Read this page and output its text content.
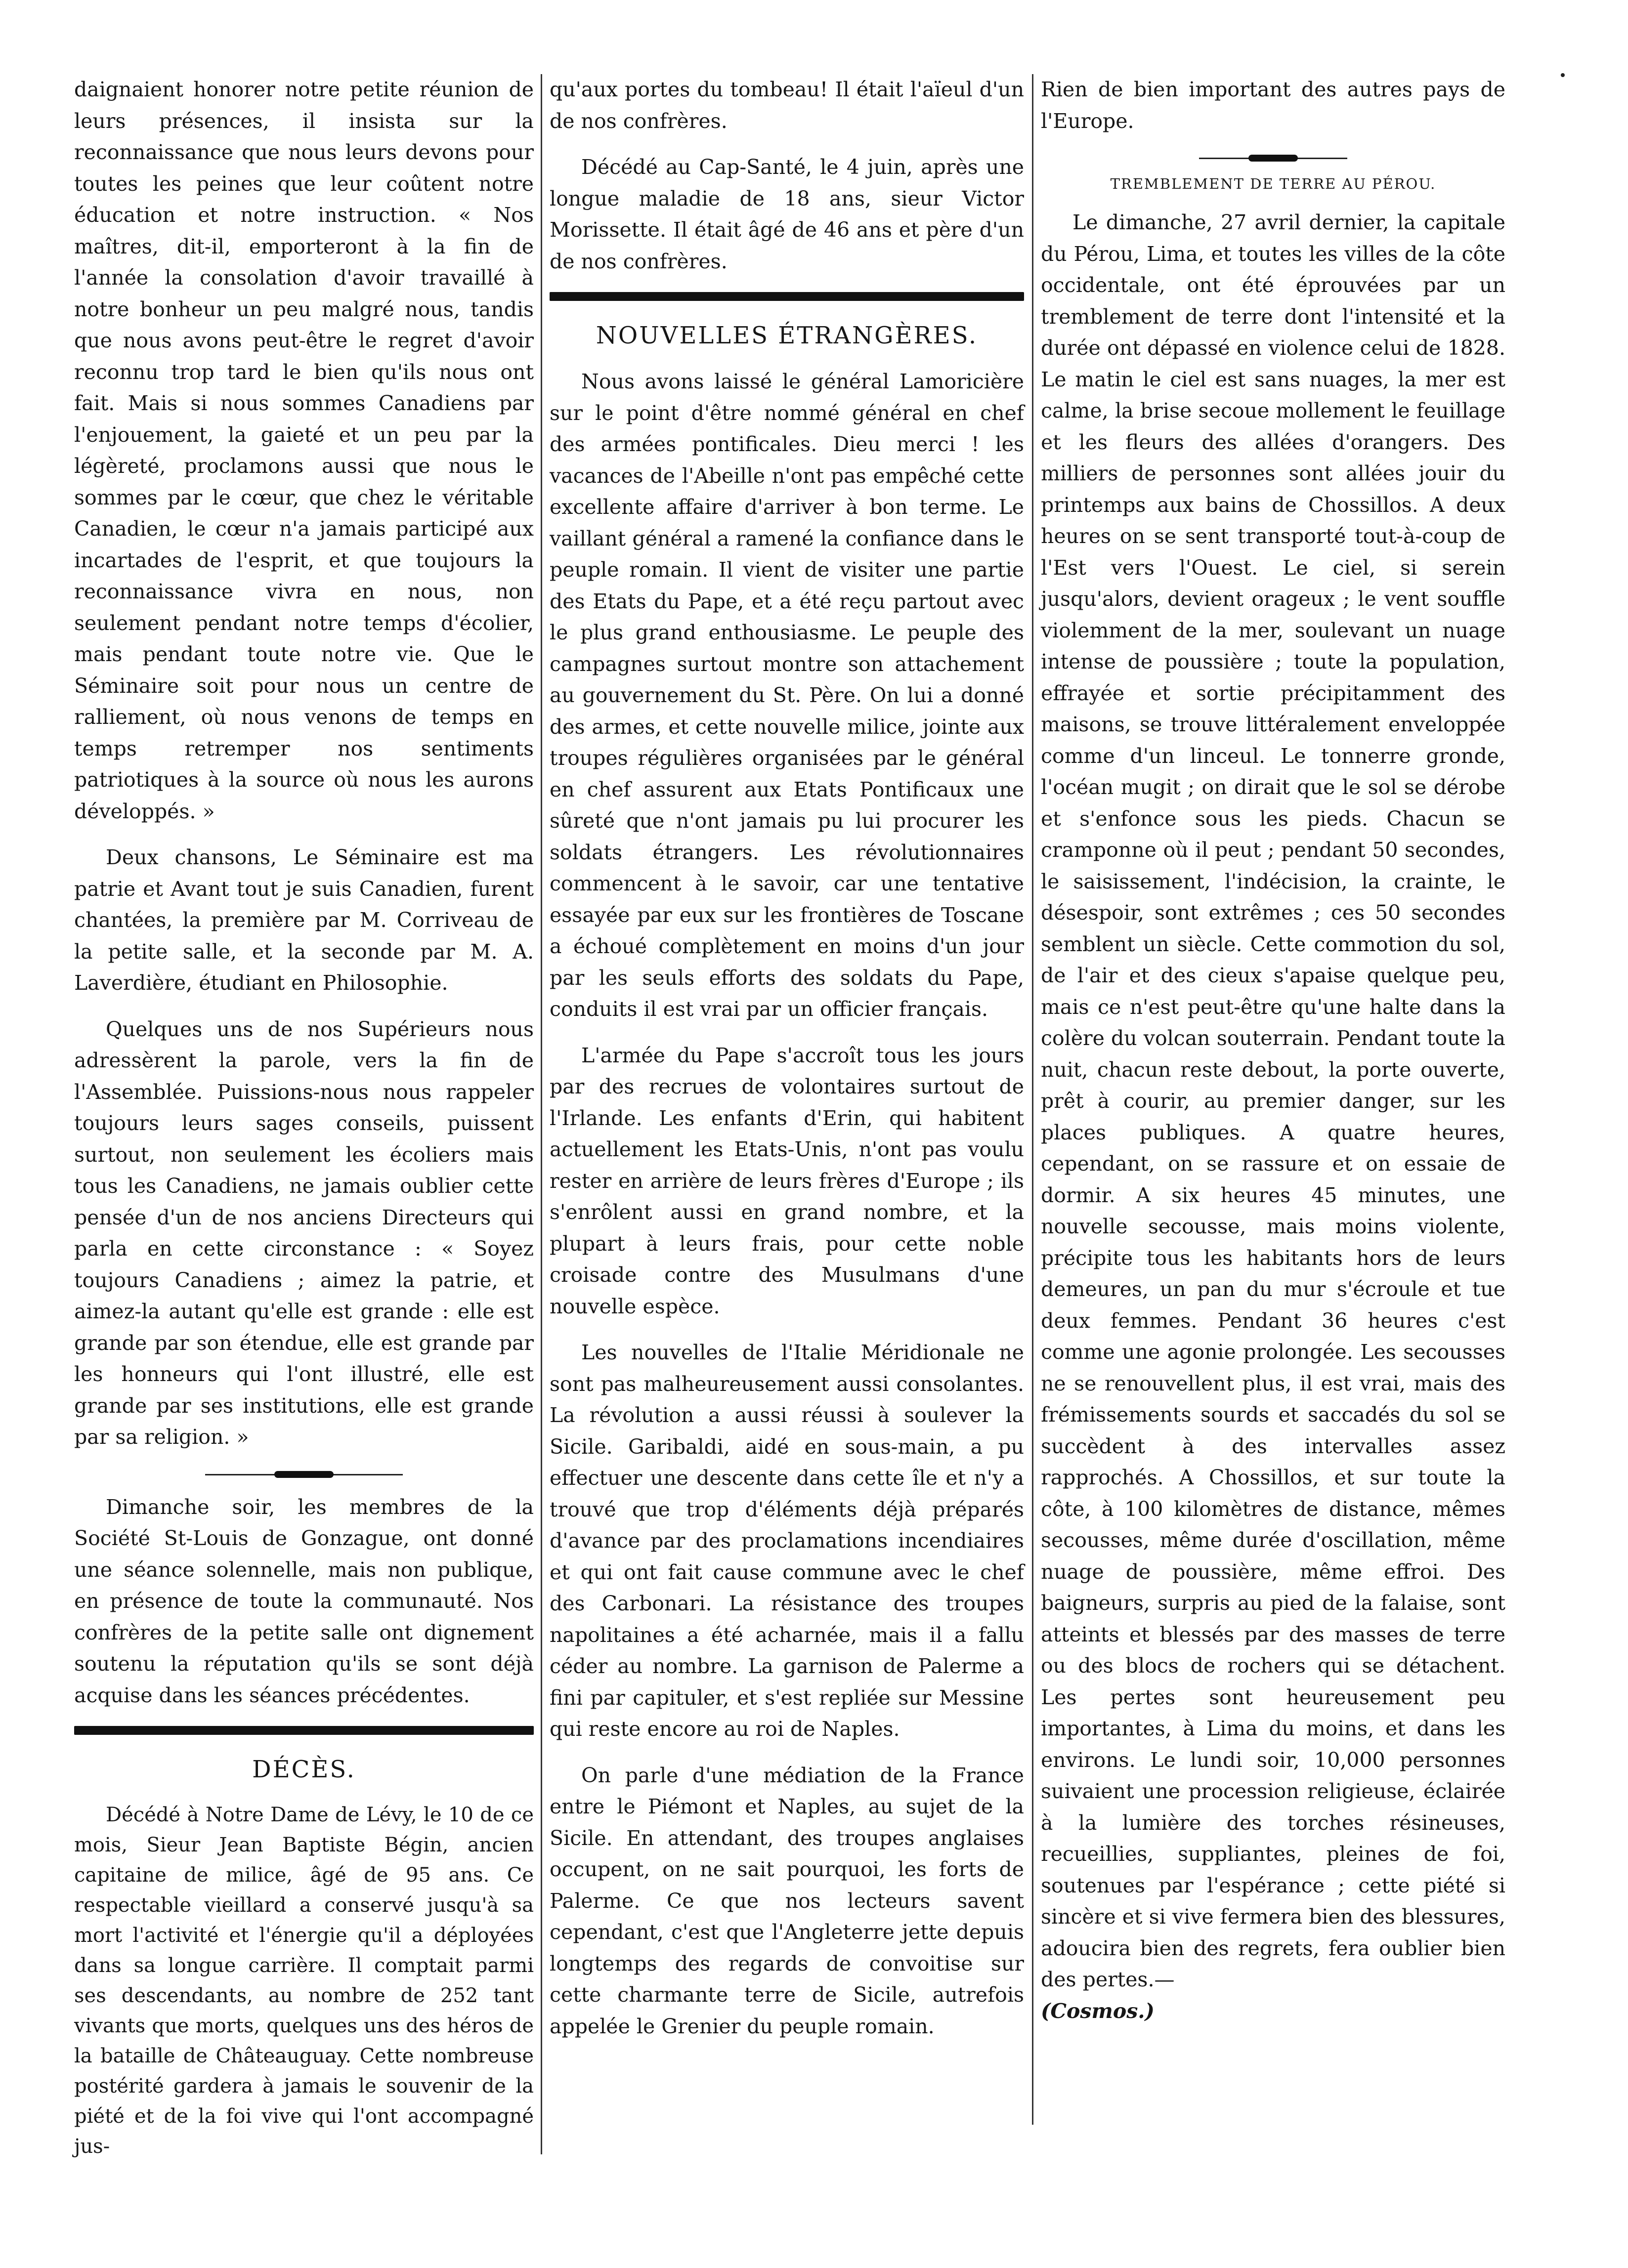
daignaient honorer notre petite réunion de leurs présences, il insista sur la reconnaissance que nous leurs devons pour toutes les peines que leur coûtent notre éducation et notre instruction. « Nos maîtres, dit-il, emporteront à la fin de l'année la consolation d'avoir travaillé à notre bonheur un peu malgré nous, tandis que nous avons peut-être le regret d'avoir reconnu trop tard le bien qu'ils nous ont fait. Mais si nous sommes Canadiens par l'enjouement, la gaieté et un peu par la légèreté, proclamons aussi que nous le sommes par le cœur, que chez le véritable Canadien, le cœur n'a jamais participé aux incartades de l'esprit, et que toujours la reconnaissance vivra en nous, non seulement pendant notre temps d'écolier, mais pendant toute notre vie. Que le Séminaire soit pour nous un centre de ralliement, où nous venons de temps en temps retremper nos sentiments patriotiques à la source où nous les aurons développés. »

Deux chansons, Le Séminaire est ma patrie et Avant tout je suis Canadien, furent chantées, la première par M. Corriveau de la petite salle, et la seconde par M. A. Laverdière, étudiant en Philosophie.

Quelques uns de nos Supérieurs nous adressèrent la parole, vers la fin de l'Assemblée. Puissions-nous nous rappeler toujours leurs sages conseils, puissent surtout, non seulement les écoliers mais tous les Canadiens, ne jamais oublier cette pensée d'un de nos anciens Directeurs qui parla en cette circonstance : « Soyez toujours Canadiens ; aimez la patrie, et aimez-la autant qu'elle est grande : elle est grande par son étendue, elle est grande par les honneurs qui l'ont illustré, elle est grande par ses institutions, elle est grande par sa religion. »

Dimanche soir, les membres de la Société St-Louis de Gonzague, ont donné une séance solennelle, mais non publique, en présence de toute la communauté. Nos confrères de la petite salle ont dignement soutenu la réputation qu'ils se sont déjà acquise dans les séances précédentes.

DÉCÈS.

Décédé à Notre Dame de Lévy, le 10 de ce mois, Sieur Jean Baptiste Bégin, ancien capitaine de milice, âgé de 95 ans. Ce respectable vieillard a conservé jusqu'à sa mort l'activité et l'énergie qu'il a déployées dans sa longue carrière. Il comptait parmi ses descendants, au nombre de 252 tant vivants que morts, quelques uns des héros de la bataille de Châteauguay. Cette nombreuse postérité gardera à jamais le souvenir de la piété et de la foi vive qui l'ont accompagné jus-

qu'aux portes du tombeau! Il était l'aïeul d'un de nos confrères.

Décédé au Cap-Santé, le 4 juin, après une longue maladie de 18 ans, sieur Victor Morissette. Il était âgé de 46 ans et père d'un de nos confrères.

NOUVELLES ÉTRANGÈRES.

Nous avons laissé le général Lamoricière sur le point d'être nommé général en chef des armées pontificales. Dieu merci ! les vacances de l'Abeille n'ont pas empêché cette excellente affaire d'arriver à bon terme. Le vaillant général a ramené la confiance dans le peuple romain. Il vient de visiter une partie des Etats du Pape, et a été reçu partout avec le plus grand enthousiasme. Le peuple des campagnes surtout montre son attachement au gouvernement du St. Père. On lui a donné des armes, et cette nouvelle milice, jointe aux troupes régulières organisées par le général en chef assurent aux Etats Pontificaux une sûreté que n'ont jamais pu lui procurer les soldats étrangers. Les révolutionnaires commencent à le savoir, car une tentative essayée par eux sur les frontières de Toscane a échoué complètement en moins d'un jour par les seuls efforts des soldats du Pape, conduits il est vrai par un officier français.

L'armée du Pape s'accroît tous les jours par des recrues de volontaires surtout de l'Irlande. Les enfants d'Erin, qui habitent actuellement les Etats-Unis, n'ont pas voulu rester en arrière de leurs frères d'Europe ; ils s'enrôlent aussi en grand nombre, et la plupart à leurs frais, pour cette noble croisade contre des Musulmans d'une nouvelle espèce.

Les nouvelles de l'Italie Méridionale ne sont pas malheureusement aussi consolantes. La révolution a aussi réussi à soulever la Sicile. Garibaldi, aidé en sous-main, a pu effectuer une descente dans cette île et n'y a trouvé que trop d'éléments déjà préparés d'avance par des proclamations incendiaires et qui ont fait cause commune avec le chef des Carbonari. La résistance des troupes napolitaines a été acharnée, mais il a fallu céder au nombre. La garnison de Palerme a fini par capituler, et s'est repliée sur Messine qui reste encore au roi de Naples.

On parle d'une médiation de la France entre le Piémont et Naples, au sujet de la Sicile. En attendant, des troupes anglaises occupent, on ne sait pourquoi, les forts de Palerme. Ce que nos lecteurs savent cependant, c'est que l'Angleterre jette depuis longtemps des regards de convoitise sur cette charmante terre de Sicile, autrefois appelée le Grenier du peuple romain.

Rien de bien important des autres pays de l'Europe.

TREMBLEMENT DE TERRE AU PÉROU.

Le dimanche, 27 avril dernier, la capitale du Pérou, Lima, et toutes les villes de la côte occidentale, ont été éprouvées par un tremblement de terre dont l'intensité et la durée ont dépassé en violence celui de 1828. Le matin le ciel est sans nuages, la mer est calme, la brise secoue mollement le feuillage et les fleurs des allées d'orangers. Des milliers de personnes sont allées jouir du printemps aux bains de Chossillos. A deux heures on se sent transporté tout-à-coup de l'Est vers l'Ouest. Le ciel, si serein jusqu'alors, devient orageux ; le vent souffle violemment de la mer, soulevant un nuage intense de poussière ; toute la population, effrayée et sortie précipitamment des maisons, se trouve littéralement enveloppée comme d'un linceul. Le tonnerre gronde, l'océan mugit ; on dirait que le sol se dérobe et s'enfonce sous les pieds. Chacun se cramponne où il peut ; pendant 50 secondes, le saisissement, l'indécision, la crainte, le désespoir, sont extrêmes ; ces 50 secondes semblent un siècle. Cette commotion du sol, de l'air et des cieux s'apaise quelque peu, mais ce n'est peut-être qu'une halte dans la colère du volcan souterrain. Pendant toute la nuit, chacun reste debout, la porte ouverte, prêt à courir, au premier danger, sur les places publiques. A quatre heures, cependant, on se rassure et on essaie de dormir. A six heures 45 minutes, une nouvelle secousse, mais moins violente, précipite tous les habitants hors de leurs demeures, un pan du mur s'écroule et tue deux femmes. Pendant 36 heures c'est comme une agonie prolongée. Les secousses ne se renouvellent plus, il est vrai, mais des frémissements sourds et saccadés du sol se succèdent à des intervalles assez rapprochés. A Chossillos, et sur toute la côte, à 100 kilomètres de distance, mêmes secousses, même durée d'oscillation, même nuage de poussière, même effroi. Des baigneurs, surpris au pied de la falaise, sont atteints et blessés par des masses de terre ou des blocs de rochers qui se détachent. Les pertes sont heureusement peu importantes, à Lima du moins, et dans les environs. Le lundi soir, 10,000 personnes suivaient une procession religieuse, éclairée à la lumière des torches résineuses, recueillies, suppliantes, pleines de foi, soutenues par l'espérance ; cette piété si sincère et si vive fermera bien des blessures, adoucira bien des regrets, fera oublier bien des pertes.—

(Cosmos.)
